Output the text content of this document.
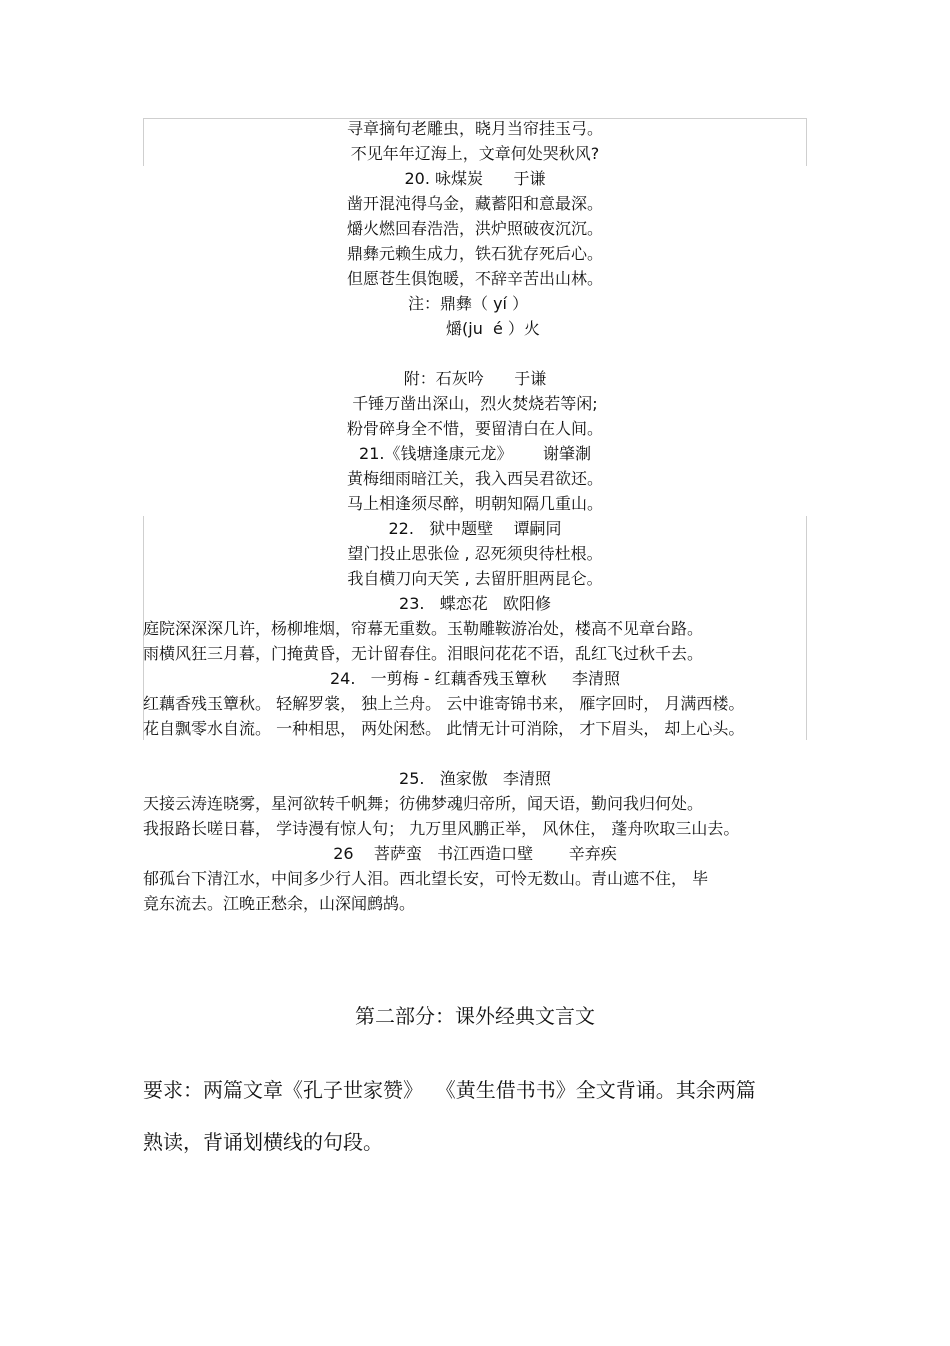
寻章摘句老雕虫，晓月当帘挂玉弓。
不见年年辽海上，文章何处哭秋风?
20. 咏煤炭      于谦
凿开混沌得乌金，藏蓄阳和意最深。
爝火燃回春浩浩，洪炉照破夜沉沉。
鼎彝元赖生成力，铁石犹存死后心。
但愿苍生俱饱暖，不辞辛苦出山林。
注：鼎彝（ yí ）
爝(ju  é ）火
附：石灰吟      于谦
千锤万凿出深山，烈火焚烧若等闲;
粉骨碎身全不惜，要留清白在人间。
21.《钱塘逢康元龙》      谢肇淛
黄梅细雨暗江关，我入西吴君欲还。
马上相逢须尽醉，明朝知隔几重山。
22.   狱中题壁    谭嗣同
望门投止思张俭 , 忍死须臾待杜根。
我自横刀向天笑 , 去留肝胆两昆仑。
23.   蝶恋花   欧阳修
庭院深深深几许，杨柳堆烟，帘幕无重数。玉勒雕鞍游冶处，楼高不见章台路。
雨横风狂三月暮，门掩黄昏，无计留春住。泪眼问花花不语，乱红飞过秋千去。
24.   一剪梅 - 红藕香残玉簟秋     李清照
红藕香残玉簟秋。 轻解罗裳， 独上兰舟。 云中谁寄锦书来， 雁字回时， 月满西楼。
花自飘零水自流。 一种相思， 两处闲愁。 此情无计可消除， 才下眉头， 却上心头。
25.   渔家傲   李清照
天接云涛连晓雾，星河欲转千帆舞；彷佛梦魂归帝所，闻天语，勤问我归何处。
我报路长嗟日暮， 学诗漫有惊人句； 九万里风鹏正举， 风休住， 蓬舟吹取三山去。
26    菩萨蛮   书江西造口壁       辛弃疾
郁孤台下清江水，中间多少行人泪。西北望长安，可怜无数山。青山遮不住， 毕
竟东流去。江晚正愁余，山深闻鹧鸪。
第二部分：课外经典文言文
要求：两篇文章《孔子世家赞》  《黄生借书书》全文背诵。其余两篇
熟读，背诵划横线的句段。
